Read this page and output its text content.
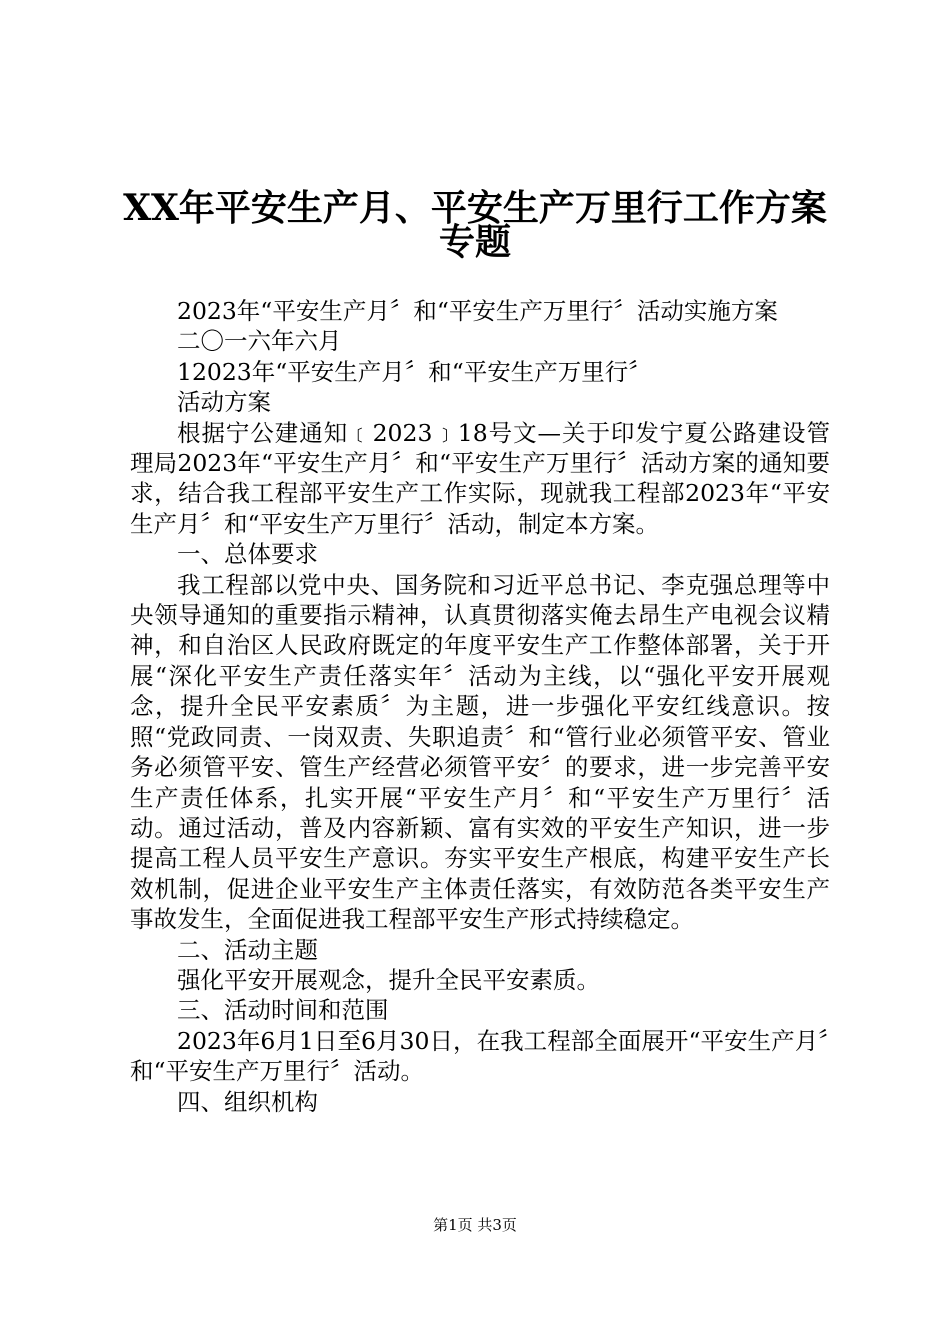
XX年平安生产月、平安生产万里行工作方案
专题

2023年“平安生产月〞和“平安生产万里行〞活动实施方案

二〇一六年六月

12023年“平安生产月〞和“平安生产万里行〞

活动方案

根据宁公建通知﹝2023﹞18号文—关于印发宁夏公路建设管理局2023年“平安生产月〞和“平安生产万里行〞活动方案的通知要求，结合我工程部平安生产工作实际，现就我工程部2023年“平安生产月〞和“平安生产万里行〞活动，制定本方案。

一、总体要求

我工程部以党中央、国务院和习近平总书记、李克强总理等中央领导通知的重要指示精神，认真贯彻落实俺去昂生产电视会议精神，和自治区人民政府既定的年度平安生产工作整体部署，关于开展“深化平安生产责任落实年〞活动为主线，以“强化平安开展观念，提升全民平安素质〞为主题，进一步强化平安红线意识。按照“党政同责、一岗双责、失职追责〞和“管行业必须管平安、管业务必须管平安、管生产经营必须管平安〞的要求，进一步完善平安生产责任体系，扎实开展“平安生产月〞和“平安生产万里行〞活动。通过活动，普及内容新颖、富有实效的平安生产知识，进一步提高工程人员平安生产意识。夯实平安生产根底，构建平安生产长效机制，促进企业平安生产主体责任落实，有效防范各类平安生产事故发生，全面促进我工程部平安生产形式持续稳定。

二、活动主题

强化平安开展观念，提升全民平安素质。

三、活动时间和范围

2023年6月1日至6月30日，在我工程部全面展开“平安生产月〞和“平安生产万里行〞活动。

四、组织机构

第1页 共3页
